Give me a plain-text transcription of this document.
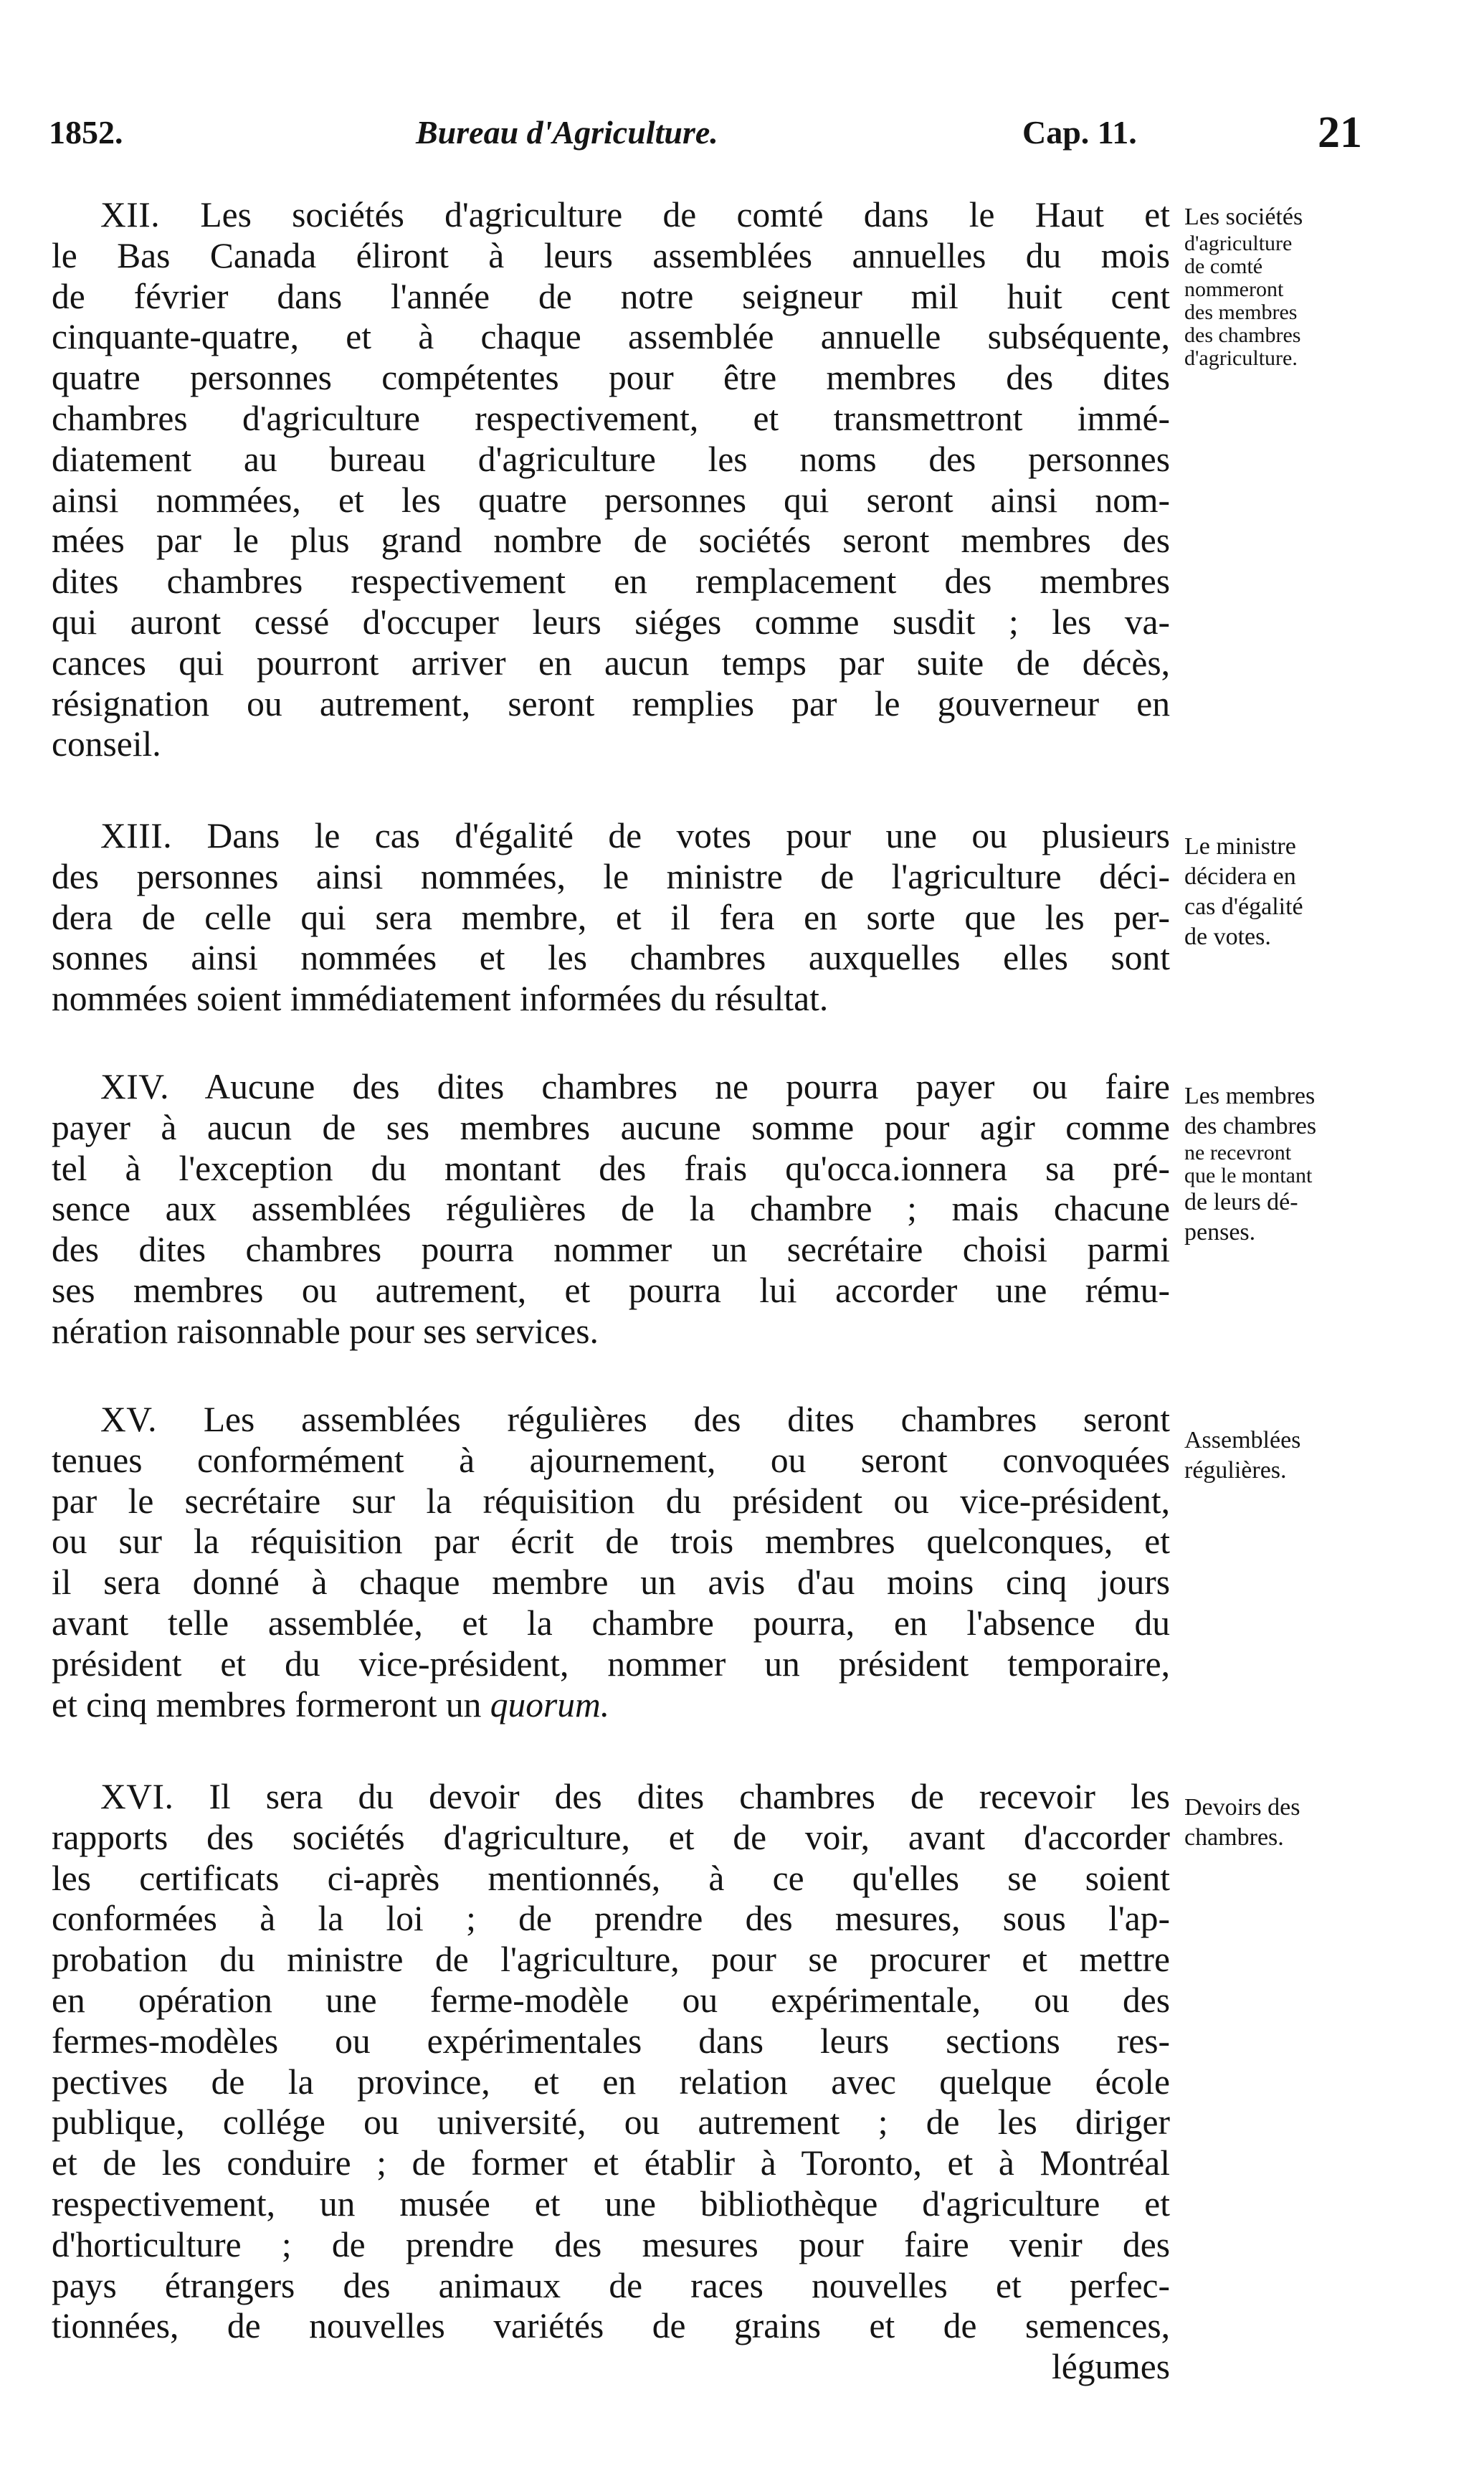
1852.	Bureau d'Agriculture.	Cap. 11.	21
XII. Les sociétés d'agriculture de comté dans le Haut et
le Bas Canada éliront à leurs assemblées annuelles du mois
de février dans l'année de notre seigneur mil huit cent
cinquante-quatre, et à chaque assemblée annuelle subséquente,
quatre personnes compétentes pour être membres des dites
chambres d'agriculture respectivement, et transmettront immé-
diatement au bureau d'agriculture les noms des personnes
ainsi nommées, et les quatre personnes qui seront ainsi nom-
mées par le plus grand nombre de sociétés seront membres des
dites chambres respectivement en remplacement des membres
qui auront cessé d'occuper leurs siéges comme susdit ; les va-
cances qui pourront arriver en aucun temps par suite de décès,
résignation ou autrement, seront remplies par le gouverneur en
conseil.
Les sociétés
d'agriculture
de comté
nommeront
des membres
des chambres
d'agriculture.
XIII. Dans le cas d'égalité de votes pour une ou plusieurs
des personnes ainsi nommées, le ministre de l'agriculture déci-
dera de celle qui sera membre, et il fera en sorte que les per-
sonnes ainsi nommées et les chambres auxquelles elles sont
nommées soient immédiatement informées du résultat.
Le ministre
décidera en
cas d'égalité
de votes.
XIV. Aucune des dites chambres ne pourra payer ou faire
payer à aucun de ses membres aucune somme pour agir comme
tel à l'exception du montant des frais qu'occa.ionnera sa pré-
sence aux assemblées régulières de la chambre ; mais chacune
des dites chambres pourra nommer un secrétaire choisi parmi
ses membres ou autrement, et pourra lui accorder une rému-
nération raisonnable pour ses services.
Les membres
des chambres
ne recevront
que le montant
de leurs dé-
penses.
XV. Les assemblées régulières des dites chambres seront
tenues conformément à ajournement, ou seront convoquées
par le secrétaire sur la réquisition du président ou vice-président,
ou sur la réquisition par écrit de trois membres quelconques, et
il sera donné à chaque membre un avis d'au moins cinq jours
avant telle assemblée, et la chambre pourra, en l'absence du
président et du vice-président, nommer un président temporaire,
et cinq membres formeront un quorum.
Assemblées
régulières.
XVI. Il sera du devoir des dites chambres de recevoir les
rapports des sociétés d'agriculture, et de voir, avant d'accorder
les certificats ci-après mentionnés, à ce qu'elles se soient
conformées à la loi ; de prendre des mesures, sous l'ap-
probation du ministre de l'agriculture, pour se procurer et mettre
en opération une ferme-modèle ou expérimentale, ou des
fermes-modèles ou expérimentales dans leurs sections res-
pectives de la province, et en relation avec quelque école
publique, collége ou université, ou autrement ; de les diriger
et de les conduire ; de former et établir à Toronto, et à Montréal
respectivement, un musée et une bibliothèque d'agriculture et
d'horticulture ; de prendre des mesures pour faire venir des
pays étrangers des animaux de races nouvelles et perfec-
tionnées, de nouvelles variétés de grains et de semences,
légumes
Devoirs des
chambres.
